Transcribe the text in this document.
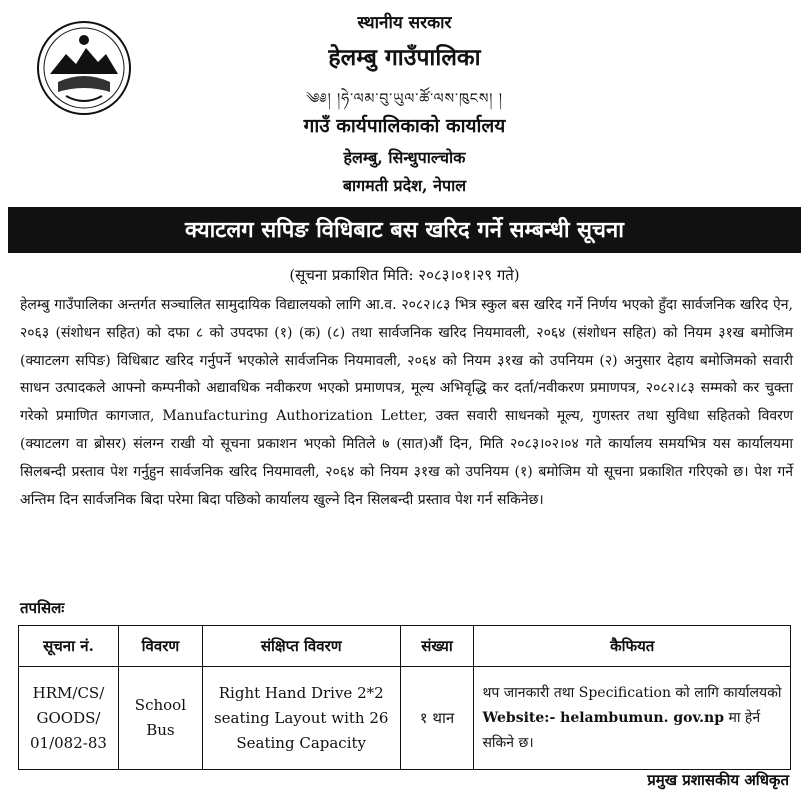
स्थानीय सरकार
हेलम्बु गाउँपालिका
༄༅། །ཧེ་ལམ་བུ་ཡུལ་ཚོ་ལས་ཁུངས། །
गाउँ कार्यपालिकाको कार्यालय
हेलम्बु, सिन्धुपाल्चोक
बागमती प्रदेश, नेपाल
क्याटलग सपिङ विधिबाट बस खरिद गर्ने सम्बन्धी सूचना
(सूचना प्रकाशित मिति: २०८३।०१।२९ गते)
हेलम्बु गाउँपालिका अन्तर्गत सञ्चालित सामुदायिक विद्यालयको लागि आ.व. २०८२।८३ भित्र स्कुल बस खरिद गर्ने निर्णय भएको हुँदा सार्वजनिक खरिद ऐन, २०६३ (संशोधन सहित) को दफा ८ को उपदफा (१) (क) (८) तथा सार्वजनिक खरिद नियमावली, २०६४ (संशोधन सहित) को नियम ३१ख बमोजिम (क्याटलग सपिङ) विधिबाट खरिद गर्नुपर्ने भएकोले सार्वजनिक नियमावली, २०६४ को नियम ३१ख को उपनियम (२) अनुसार देहाय बमोजिमको सवारी साधन उत्पादकले आफ्नो कम्पनीको अद्यावधिक नवीकरण भएको प्रमाणपत्र, मूल्य अभिवृद्धि कर दर्ता/नवीकरण प्रमाणपत्र, २०८२।८३ सम्मको कर चुक्ता गरेको प्रमाणित कागजात, Manufacturing Authorization Letter, उक्त सवारी साधनको मूल्य, गुणस्तर तथा सुविधा सहितको विवरण (क्याटलग वा ब्रोसर) संलग्न राखी यो सूचना प्रकाशन भएको मितिले ७ (सात)औं दिन, मिति २०८३।०२।०४ गते कार्यालय समयभित्र यस कार्यालयमा सिलबन्दी प्रस्ताव पेश गर्नुहुन सार्वजनिक खरिद नियमावली, २०६४ को नियम ३१ख को उपनियम (१) बमोजिम यो सूचना प्रकाशित गरिएको छ। पेश गर्ने अन्तिम दिन सार्वजनिक बिदा परेमा बिदा पछिको कार्यालय खुल्ने दिन सिलबन्दी प्रस्ताव पेश गर्न सकिनेछ।
तपसिलः
सूचना नं.	विवरण	संक्षिप्त विवरण	संख्या	कैफियत
HRM/CS/ GOODS/ 01/082-83	School Bus	Right Hand Drive 2*2 seating Layout with 26 Seating Capacity	१ थान	थप जानकारी तथा Specification को लागि कार्यालयको Website:- helambumun. gov.np मा हेर्न सकिने छ।
प्रमुख प्रशासकीय अधिकृत
